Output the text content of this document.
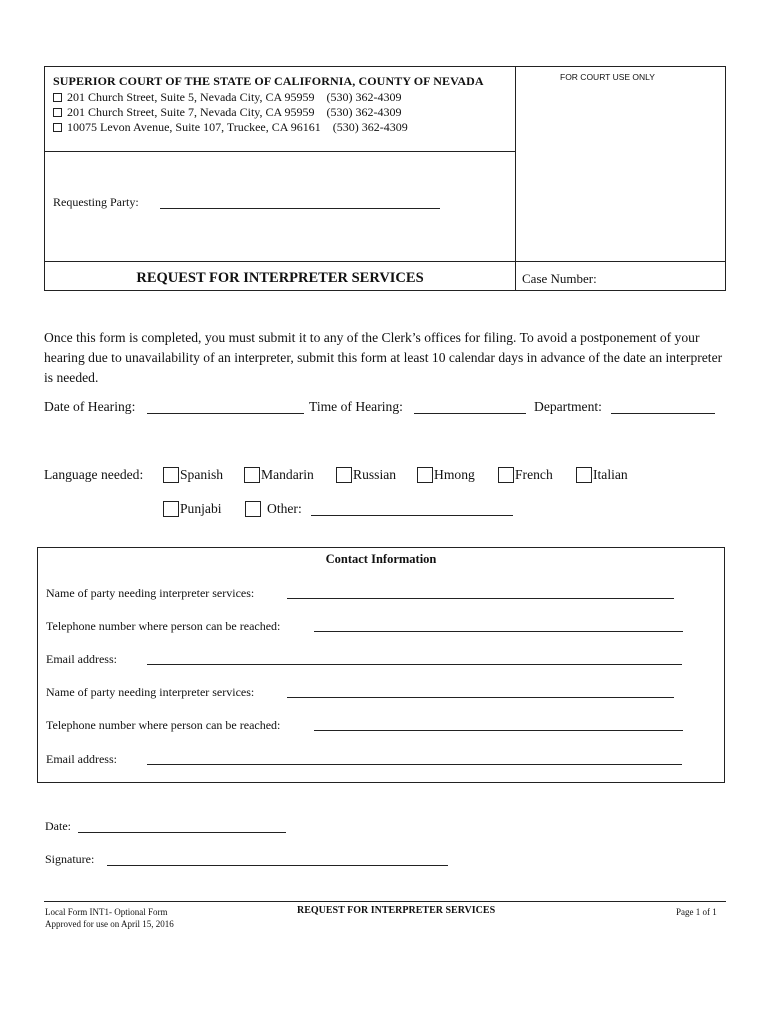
SUPERIOR COURT OF THE STATE OF CALIFORNIA, COUNTY OF NEVADA
201 Church Street, Suite 5, Nevada City, CA 95959    (530) 362-4309
201 Church Street, Suite 7, Nevada City, CA 95959    (530) 362-4309
10075 Levon Avenue, Suite 107, Truckee, CA 96161    (530) 362-4309
FOR COURT USE ONLY
Requesting Party:
REQUEST FOR INTERPRETER SERVICES	Case Number:
Once this form is completed, you must submit it to any of the Clerk’s offices for filing. To avoid a postponement of your hearing due to unavailability of an interpreter, submit this form at least 10 calendar days in advance of the date an interpreter is needed.
Date of Hearing:	Time of Hearing:	Department:
Language needed:	Spanish	Mandarin	Russian	Hmong	French	Italian
Punjabi	Other:
Contact Information
Name of party needing interpreter services:
Telephone number where person can be reached:
Email address:
Name of party needing interpreter services:
Telephone number where person can be reached:
Email address:
Date:
Signature:
Local Form INT1- Optional Form
Approved for use on April 15, 2016
REQUEST FOR INTERPRETER SERVICES	Page 1 of 1
